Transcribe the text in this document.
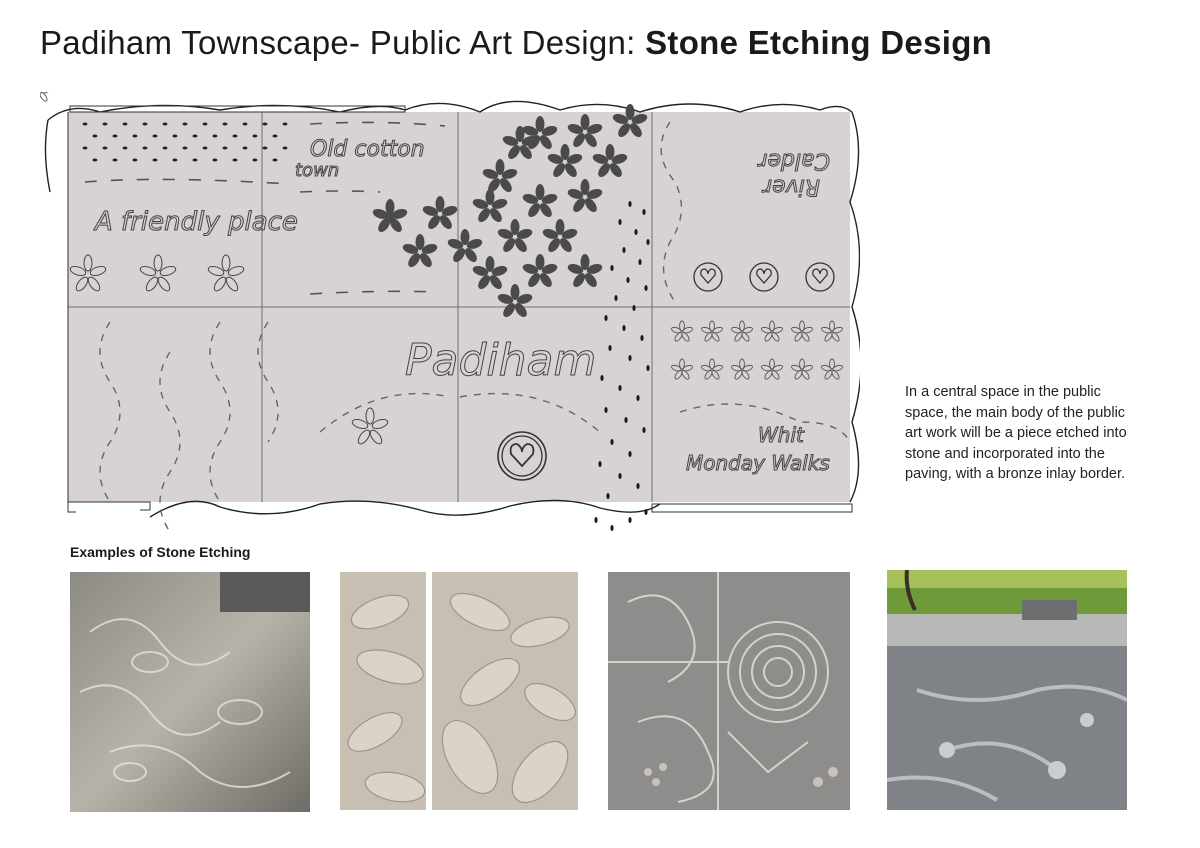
Padiham Townscape- Public Art Design: Stone Etching Design
A friendly place
Old cotton
town
Padiham
River
Calder
Whit
Monday Walks
In a central space in the public space, the main body of the public art work will be a piece etched into stone and incorporated into the paving, with a bronze inlay border.
Examples of Stone Etching
